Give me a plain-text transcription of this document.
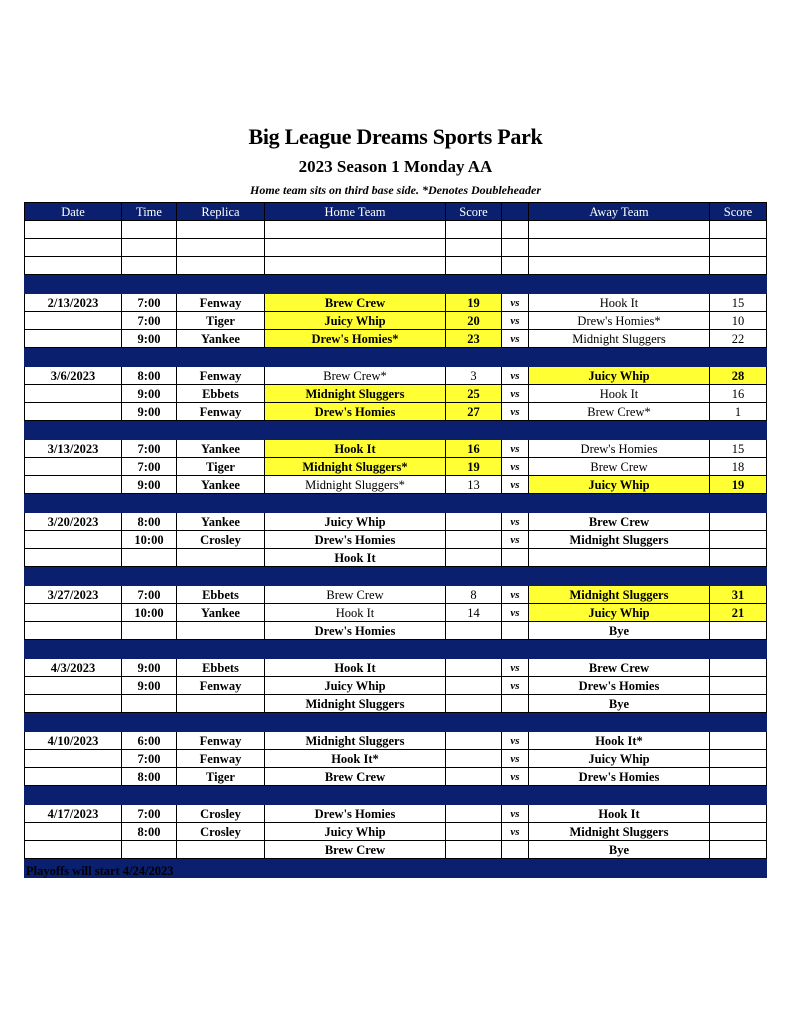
Big League Dreams Sports Park
2023 Season 1 Monday AA
Home team sits on third base side. *Denotes Doubleheader
Date	Time	Replica	Home Team	Score		Away Team	Score

2/13/2023	7:00	Fenway	Brew Crew	19	vs	Hook It	15
	7:00	Tiger	Juicy Whip	20	vs	Drew's Homies*	10
	9:00	Yankee	Drew's Homies*	23	vs	Midnight Sluggers	22

3/6/2023	8:00	Fenway	Brew Crew*	3	vs	Juicy Whip	28
	9:00	Ebbets	Midnight Sluggers	25	vs	Hook It	16
	9:00	Fenway	Drew's Homies	27	vs	Brew Crew*	1

3/13/2023	7:00	Yankee	Hook It	16	vs	Drew's Homies	15
	7:00	Tiger	Midnight Sluggers*	19	vs	Brew Crew	18
	9:00	Yankee	Midnight Sluggers*	13	vs	Juicy Whip	19

3/20/2023	8:00	Yankee	Juicy Whip		vs	Brew Crew	
	10:00	Crosley	Drew's Homies		vs	Midnight Sluggers	
			Hook It				

3/27/2023	7:00	Ebbets	Brew Crew	8	vs	Midnight Sluggers	31
	10:00	Yankee	Hook It	14	vs	Juicy Whip	21
			Drew's Homies			Bye	

4/3/2023	9:00	Ebbets	Hook It		vs	Brew Crew	
	9:00	Fenway	Juicy Whip		vs	Drew's Homies	
			Midnight Sluggers			Bye	

4/10/2023	6:00	Fenway	Midnight Sluggers		vs	Hook It*	
	7:00	Fenway	Hook It*		vs	Juicy Whip	
	8:00	Tiger	Brew Crew		vs	Drew's Homies	

4/17/2023	7:00	Crosley	Drew's Homies		vs	Hook It	
	8:00	Crosley	Juicy Whip		vs	Midnight Sluggers	
			Brew Crew			Bye	

Playoffs will start 4/24/2023
